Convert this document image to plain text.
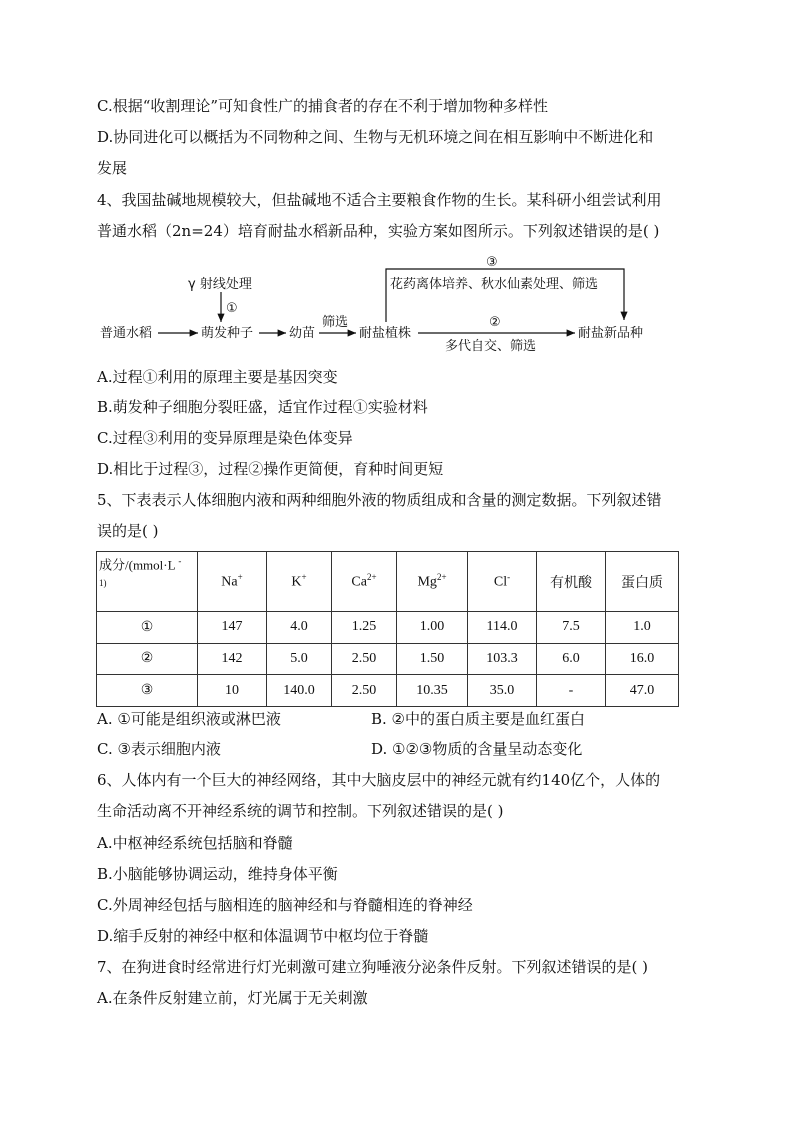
C.根据“收割理论”可知食性广的捕食者的存在不利于增加物种多样性
D.协同进化可以概括为不同物种之间、生物与无机环境之间在相互影响中不断进化和
发展
4、我国盐碱地规模较大，但盐碱地不适合主要粮食作物的生长。某科研小组尝试利用
普通水稻（2n=24）培育耐盐水稻新品种，实验方案如图所示。下列叙述错误的是( )
普通水稻	萌发种子	幼苗
筛选
耐盐植株
②
多代自交、筛选
耐盐新品种
γ 射线处理
①
③
花药离体培养、秋水仙素处理、筛选
A.过程①利用的原理主要是基因突变
B.萌发种子细胞分裂旺盛，适宜作过程①实验材料
C.过程③利用的变异原理是染色体变异
D.相比于过程③，过程②操作更简便，育种时间更短
5、下表表示人体细胞内液和两种细胞外液的物质组成和含量的测定数据。下列叙述错
误的是( )
成分/(mmol·L -
$^{1)}$	Na+	K+	$Ca^{2+}$	$Mg^{2+}$	Cl-	有机酸	蛋白质
①	147	4.0	1.25	1.00	114.0	7.5	1.0
②	142	5.0	2.50	1.50	103.3	6.0	16.0
③	10	140.0	2.50	10.35	35.0	-	47.0
A. ①可能是组织液或淋巴液	B. ②中的蛋白质主要是血红蛋白
C. ③表示细胞内液	D. ①②③物质的含量呈动态变化
6、人体内有一个巨大的神经网络，其中大脑皮层中的神经元就有约140亿个，人体的
生命活动离不开神经系统的调节和控制。下列叙述错误的是( )
A.中枢神经系统包括脑和脊髓
B.小脑能够协调运动，维持身体平衡
C.外周神经包括与脑相连的脑神经和与脊髓相连的脊神经
D.缩手反射的神经中枢和体温调节中枢均位于脊髓
7、在狗进食时经常进行灯光刺激可建立狗唾液分泌条件反射。下列叙述错误的是( )
A.在条件反射建立前，灯光属于无关刺激
